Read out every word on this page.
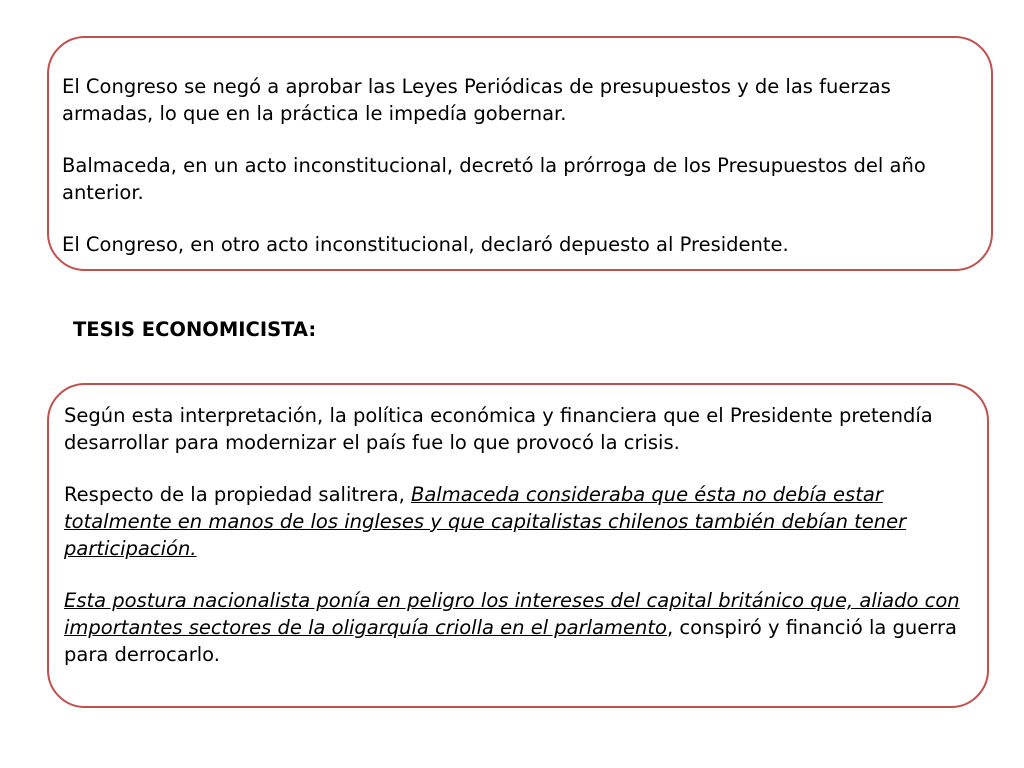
El Congreso se negó a aprobar las Leyes Periódicas de presupuestos y de las fuerzas armadas, lo que en la práctica le impedía gobernar.

Balmaceda, en un acto inconstitucional, decretó la prórroga de los Presupuestos del año anterior.

El Congreso, en otro acto inconstitucional, declaró depuesto al Presidente.

TESIS ECONOMICISTA:

Según esta interpretación, la política económica y financiera que el Presidente pretendía desarrollar para modernizar el país fue lo que provocó la crisis.

Respecto de la propiedad salitrera, Balmaceda consideraba que ésta no debía estar totalmente en manos de los ingleses y que capitalistas chilenos también debían tener participación.

Esta postura nacionalista ponía en peligro los intereses del capital británico que, aliado con importantes sectores de la oligarquía criolla en el parlamento, conspiró y financió la guerra para derrocarlo.
